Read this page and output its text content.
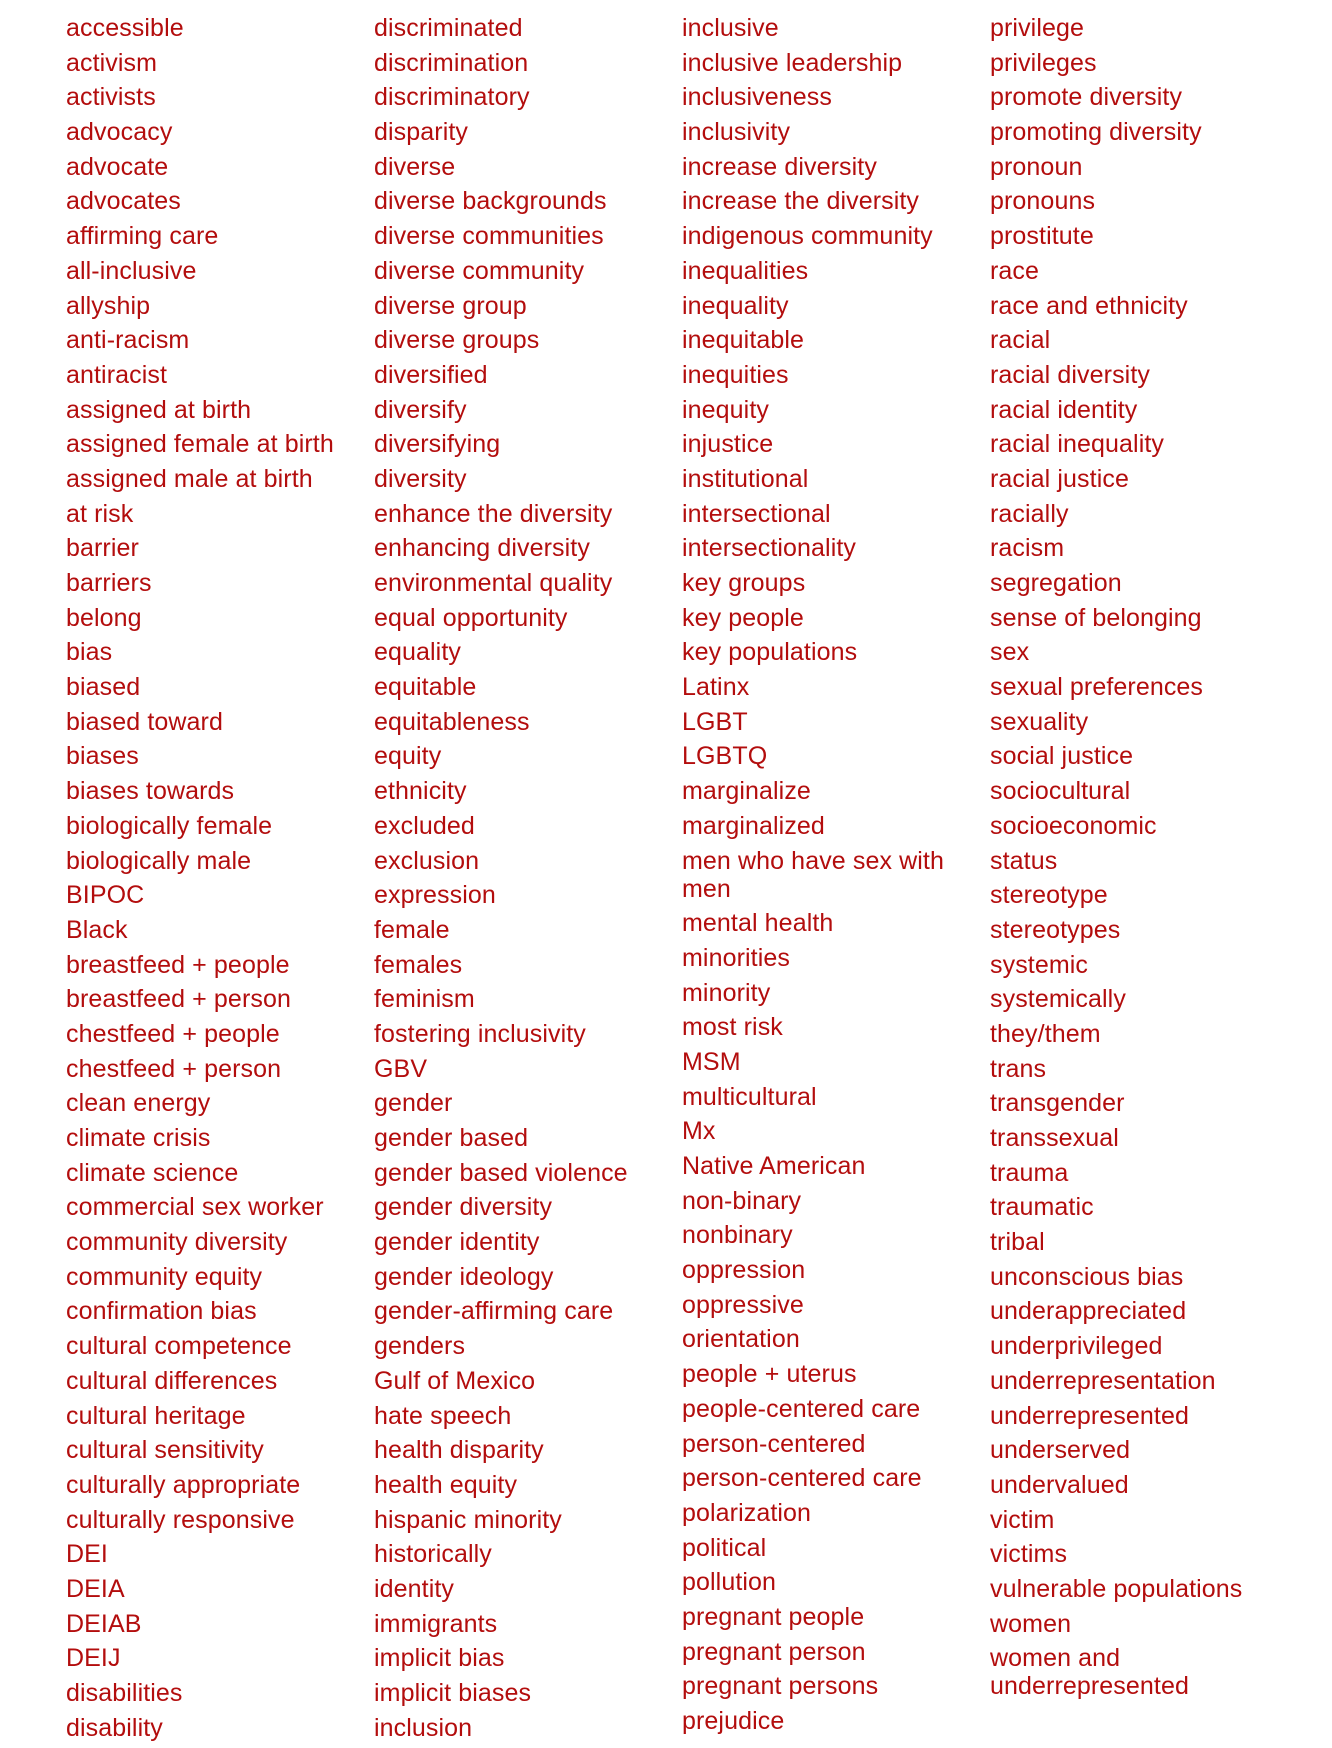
accessible
activism
activists
advocacy
advocate
advocates
affirming care
all-inclusive
allyship
anti-racism
antiracist
assigned at birth
assigned female at birth
assigned male at birth
at risk
barrier
barriers
belong
bias
biased
biased toward
biases
biases towards
biologically female
biologically male
BIPOC
Black
breastfeed + people
breastfeed + person
chestfeed + people
chestfeed + person
clean energy
climate crisis
climate science
commercial sex worker
community diversity
community equity
confirmation bias
cultural competence
cultural differences
cultural heritage
cultural sensitivity
culturally appropriate
culturally responsive
DEI
DEIA
DEIAB
DEIJ
disabilities
disability
discriminated
discrimination
discriminatory
disparity
diverse
diverse backgrounds
diverse communities
diverse community
diverse group
diverse groups
diversified
diversify
diversifying
diversity
enhance the diversity
enhancing diversity
environmental quality
equal opportunity
equality
equitable
equitableness
equity
ethnicity
excluded
exclusion
expression
female
females
feminism
fostering inclusivity
GBV
gender
gender based
gender based violence
gender diversity
gender identity
gender ideology
gender-affirming care
genders
Gulf of Mexico
hate speech
health disparity
health equity
hispanic minority
historically
identity
immigrants
implicit bias
implicit biases
inclusion
inclusive
inclusive leadership
inclusiveness
inclusivity
increase diversity
increase the diversity
indigenous community
inequalities
inequality
inequitable
inequities
inequity
injustice
institutional
intersectional
intersectionality
key groups
key people
key populations
Latinx
LGBT
LGBTQ
marginalize
marginalized
men who have sex with men
mental health
minorities
minority
most risk
MSM
multicultural
Mx
Native American
non-binary
nonbinary
oppression
oppressive
orientation
people + uterus
people-centered care
person-centered
person-centered care
polarization
political
pollution
pregnant people
pregnant person
pregnant persons
prejudice
privilege
privileges
promote diversity
promoting diversity
pronoun
pronouns
prostitute
race
race and ethnicity
racial
racial diversity
racial identity
racial inequality
racial justice
racially
racism
segregation
sense of belonging
sex
sexual preferences
sexuality
social justice
sociocultural
socioeconomic
status
stereotype
stereotypes
systemic
systemically
they/them
trans
transgender
transsexual
trauma
traumatic
tribal
unconscious bias
underappreciated
underprivileged
underrepresentation
underrepresented
underserved
undervalued
victim
victims
vulnerable populations
women
women and underrepresented
